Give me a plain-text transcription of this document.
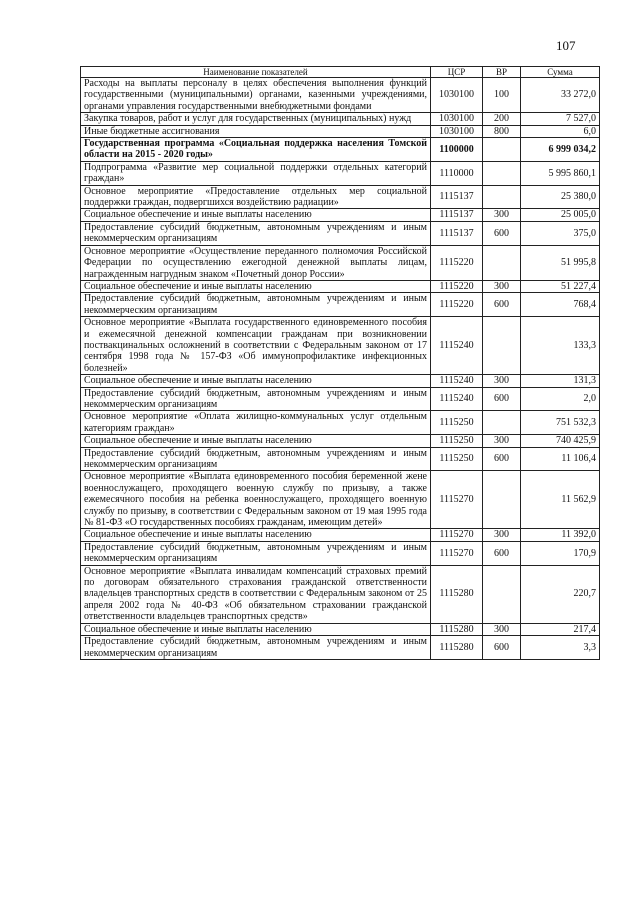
107
Наименование показателей	ЦСР	ВР	Сумма
Расходы на выплаты персоналу в целях обеспечения выполнения функций государственными (муниципальными) органами, казенными учреждениями, органами управления государственными внебюджетными фондами	1030100	100	33 272,0
Закупка товаров, работ и услуг для государственных (муниципальных) нужд	1030100	200	7 527,0
Иные бюджетные ассигнования	1030100	800	6,0
Государственная программа «Социальная поддержка населения Томской области на 2015 - 2020 годы»	1100000		6 999 034,2
Подпрограмма «Развитие мер социальной поддержки отдельных категорий граждан»	1110000		5 995 860,1
Основное мероприятие «Предоставление отдельных мер социальной поддержки граждан, подвергшихся воздействию радиации»	1115137		25 380,0
Социальное обеспечение и иные выплаты населению	1115137	300	25 005,0
Предоставление субсидий бюджетным, автономным учреждениям и иным некоммерческим организациям	1115137	600	375,0
Основное мероприятие «Осуществление переданного полномочия Российской Федерации по осуществлению ежегодной денежной выплаты лицам, награжденным нагрудным знаком «Почетный донор России»	1115220		51 995,8
Социальное обеспечение и иные выплаты населению	1115220	300	51 227,4
Предоставление субсидий бюджетным, автономным учреждениям и иным некоммерческим организациям	1115220	600	768,4
Основное мероприятие «Выплата государственного единовременного пособия и ежемесячной денежной компенсации гражданам при возникновении поствакцинальных осложнений в соответствии с Федеральным законом от 17 сентября 1998 года № 157-ФЗ «Об иммунопрофилактике инфекционных болезней»	1115240		133,3
Социальное обеспечение и иные выплаты населению	1115240	300	131,3
Предоставление субсидий бюджетным, автономным учреждениям и иным некоммерческим организациям	1115240	600	2,0
Основное мероприятие «Оплата жилищно-коммунальных услуг отдельным категориям граждан»	1115250		751 532,3
Социальное обеспечение и иные выплаты населению	1115250	300	740 425,9
Предоставление субсидий бюджетным, автономным учреждениям и иным некоммерческим организациям	1115250	600	11 106,4
Основное мероприятие «Выплата единовременного пособия беременной жене военнослужащего, проходящего военную службу по призыву, а также ежемесячного пособия на ребенка военнослужащего, проходящего военную службу по призыву, в соответствии с Федеральным законом от 19 мая 1995 года № 81-ФЗ «О государственных пособиях гражданам, имеющим детей»	1115270		11 562,9
Социальное обеспечение и иные выплаты населению	1115270	300	11 392,0
Предоставление субсидий бюджетным, автономным учреждениям и иным некоммерческим организациям	1115270	600	170,9
Основное мероприятие «Выплата инвалидам компенсаций страховых премий по договорам обязательного страхования гражданской ответственности владельцев транспортных средств в соответствии с Федеральным законом от 25 апреля 2002 года № 40-ФЗ «Об обязательном страховании гражданской ответственности владельцев транспортных средств»	1115280		220,7
Социальное обеспечение и иные выплаты населению	1115280	300	217,4
Предоставление субсидий бюджетным, автономным учреждениям и иным некоммерческим организациям	1115280	600	3,3
